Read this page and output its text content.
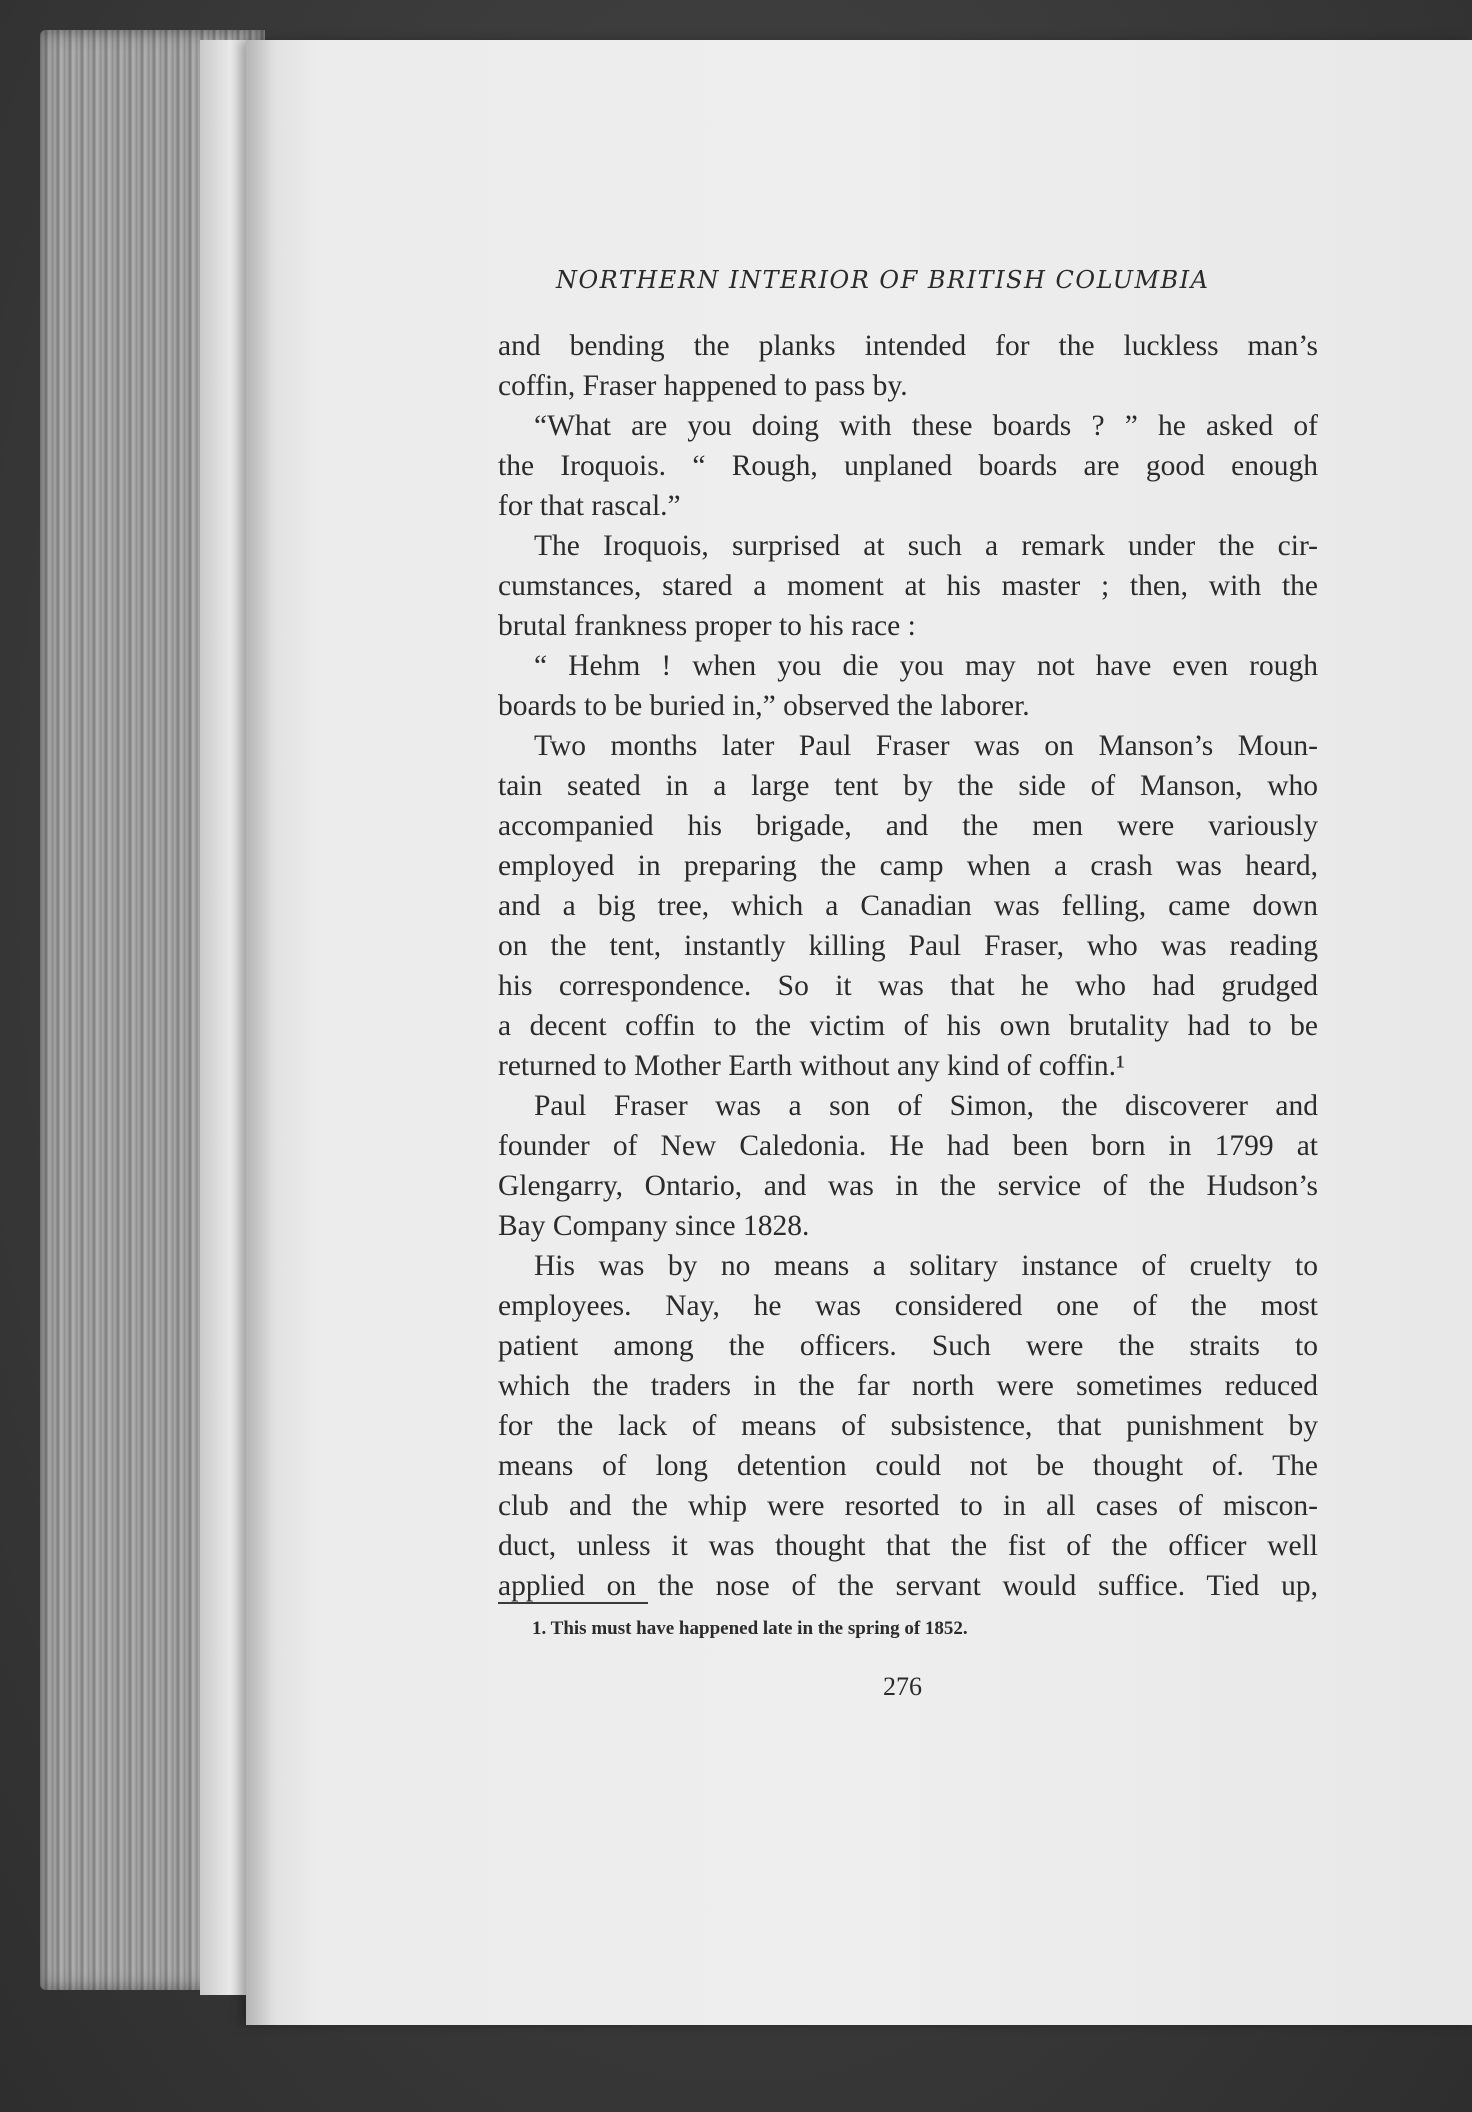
NORTHERN INTERIOR OF BRITISH COLUMBIA
and bending the planks intended for the luckless man’s
coffin, Fraser happened to pass by.
“What are you doing with these boards ? ” he asked of
the Iroquois. “ Rough, unplaned boards are good enough
for that rascal.”
The Iroquois, surprised at such a remark under the cir-
cumstances, stared a moment at his master ; then, with the
brutal frankness proper to his race :
“ Hehm ! when you die you may not have even rough
boards to be buried in,” observed the laborer.
Two months later Paul Fraser was on Manson’s Moun-
tain seated in a large tent by the side of Manson, who
accompanied his brigade, and the men were variously
employed in preparing the camp when a crash was heard,
and a big tree, which a Canadian was felling, came down
on the tent, instantly killing Paul Fraser, who was reading
his correspondence. So it was that he who had grudged
a decent coffin to the victim of his own brutality had to be
returned to Mother Earth without any kind of coffin.¹
Paul Fraser was a son of Simon, the discoverer and
founder of New Caledonia. He had been born in 1799 at
Glengarry, Ontario, and was in the service of the Hudson’s
Bay Company since 1828.
His was by no means a solitary instance of cruelty to
employees. Nay, he was considered one of the most
patient among the officers. Such were the straits to
which the traders in the far north were sometimes reduced
for the lack of means of subsistence, that punishment by
means of long detention could not be thought of. The
club and the whip were resorted to in all cases of miscon-
duct, unless it was thought that the fist of the officer well
applied on the nose of the servant would suffice. Tied up,
1. This must have happened late in the spring of 1852.
276
